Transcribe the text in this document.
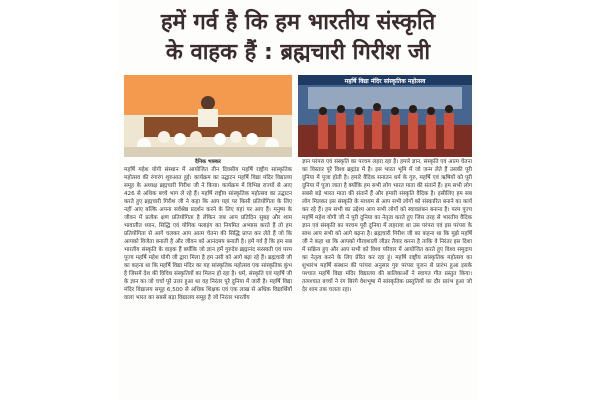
हमें गर्व है कि हम भारतीय संस्कृति
के वाहक हैं : ब्रह्मचारी गिरीश जी
महर्षि विद्या मंदिर सांस्कृतिक महोत्सव
दैनिक भास्कर
महर्षि महेश योगी संस्थान में आयोजित तीन दिवसीय महर्षि राष्ट्रीय सांस्कृतिक महोत्सव की रंगारंग शुरुआत हुई। कार्यक्रम का उद्घाटन महर्षि विद्या मंदिर विद्यालय समूह के अध्यक्ष ब्रह्मचारी गिरीश जी ने किया। कार्यक्रम में विभिन्न राज्यों से आए 426 से अधिक बच्चे भाग ले रहे हैं। महर्षि राष्ट्रीय सांस्कृतिक महोत्सव का उद्घाटन करते हुए ब्रह्मचारी गिरीश जी ने कहा कि आप यहां पर किसी प्रतियोगिता के लिए नहीं आए बल्कि अपना सर्वश्रेष्ठ प्रदर्शन करने के लिए यहां पर आए हैं। मनुष्य के जीवन में प्रत्येक क्षण प्रतियोगिता है लेकिन जब आप प्रतिदिन सुबह और शाम भावातीत ध्यान, सिद्धि एवं योगिक फ्लाइंग का नियमित अभ्यास करते हैं तो हम प्रतियोगिता से आगे चलकर आप आत्म चेतना की सिद्धि प्राप्त कर लेते हैं जो कि आपको विजेता बनाती है और जीवन को आनंदमय बनाती है। हमें गर्व है कि हम सब भारतीय संस्कृति के वाहक हैं क्योंकि जो ज्ञान हमें गुरुदेव ब्रह्मानंद सरस्वती एवं परम पूज्य महर्षि महेश योगी जी द्वारा मिला है हम उसी को आगे बढ़ा रहे हैं। ब्रह्मचारी जी का कहना था कि महर्षि विद्या मंदिर का यह सांस्कृतिक महोत्सव एक सांस्कृतिक कुंभ है जिसमें देश की विविध संस्कृतियों का मिलन हो रहा है। धर्म, संस्कृति एवं महर्षि जी के ज्ञान का जो चर्चा पूरे उत्तर हुआ था वह निरंतर पूरे दुनिया में जारी है। महर्षि विद्या मंदिर विद्यालय समूह 6,500 से अधिक शिक्षक एवं एक लाख से अधिक विद्यार्थियों वाला भारत का सबसे बड़ा विद्यालय समूह है जो निरंतर भारतीय
ज्ञान परंपरा एवं संस्कृति का परचम लहरा रहा है। हमारे ज्ञान, संस्कृति एवं आत्म चेतना का विस्तार पूरे विश्व ब्रह्मांड में है। इस भारत भूमि में जो जन्म लेते हैं उसकी पूरी दुनिया में पूजा होती है। हमारे वैदिक सनातन धर्म के गुरु, महर्षि एवं ऋषियों को पूरी दुनिया में पूजा जाता है क्योंकि हम सभी लोग भारत माता की संतानें हैं। हम सभी लोग सबसे बड़े भारत माता की संतानें हैं और हमारी संस्कृति वैदिक है। इसीलिए हम सब लोग मिलकर इस संस्कृति के माध्यम से आप सभी लोगों को संस्कारित बनाने का कार्य कर रहे हैं। हम सभी का उद्देश्य आप सभी लोगों को स्वावलंबन बनाना है। परम पूज्य महर्षि महेश योगी जी ने पूरी दुनिया का नेतृत्व करते हुए जिस तरह से भारतीय वैदिक ज्ञान एवं संस्कृति का परचम पूरी दुनिया में लहराया था उस परंपरा एवं इस परंपरा के साथ आप सभी को आगे बढ़ना है। ब्रह्मचारी गिरीश जी का कहना था कि मुझे महर्षि जी ने कहा था कि आपको गौरवशाली लीडर तैयार करना है ताकि वे निरंतर इस दिशा में सक्रिय हुए और आप सभी को विश्व परिवार में आयोजित करते हुए विश्व समुदाय का नेतृत्व करने के लिए प्रेरित कर रहा हूं। महर्षि राष्ट्रीय सांस्कृतिक महोत्सव का शुभारंभ महर्षि संस्थान की परंपरा अनुसार गुरु परंपरा पूजन से प्रारंभ हुआ इसके पश्चात महर्षि विद्या मंदिर विद्यालय की बालिकाओं ने स्वागत गीत प्रस्तुत किया। तत्पश्चात बच्चों ने रंग बिरंगे वेशभूषा में सांस्कृतिक प्रस्तुतियों का दौर प्रारंभ हुआ जो देर शाम तक चलता रहा।
